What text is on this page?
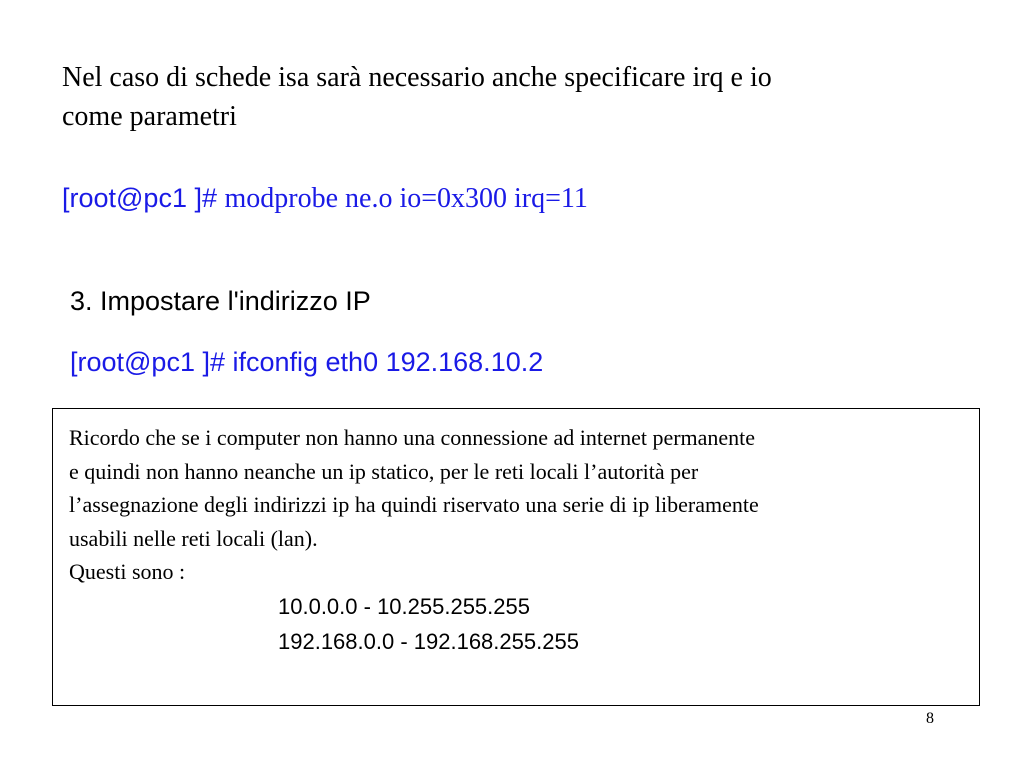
Nel caso di schede isa sarà necessario anche specificare irq e io
come parametri
[root@pc1 ]# modprobe ne.o io=0x300 irq=11
3. Impostare l'indirizzo IP
[root@pc1 ]# ifconfig eth0 192.168.10.2
Ricordo che se i computer non hanno una connessione ad internet permanente
e quindi non hanno neanche un ip statico, per le reti locali l’autorità per
l’assegnazione degli indirizzi ip ha quindi riservato una serie di ip liberamente
usabili nelle reti locali (lan).
Questi sono :
10.0.0.0 - 10.255.255.255
192.168.0.0 - 192.168.255.255
8
